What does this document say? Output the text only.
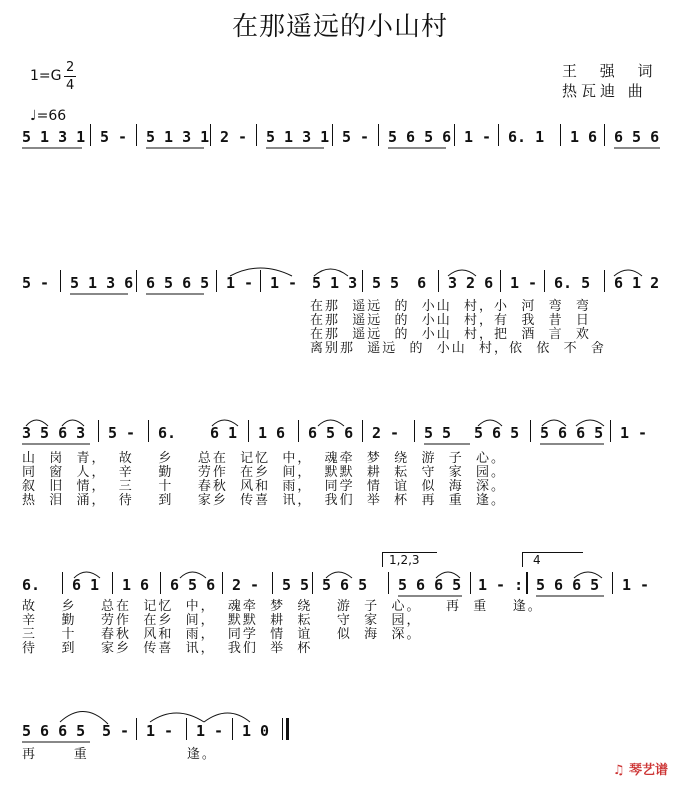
在那遥远的小山村
1=G
2
4
♩=66
王 强 词
热瓦迪 曲
5 1 3 1 5 - 5 1 3 1 2 - 5 1 3 1 5 - 5 6 5 6 1 - 6. 1 1 6 6 5 6
5 - 5 1 3 6 6 5 6 5 1 - 1 - 5 1 3 5 5  6 3 2 6 1 - 6. 5 6 1 2
在那  遥远  的  小山  村，小  河  弯  弯
在那  遥远  的  小山  村，有  我  昔  日
在那  遥远  的  小山  村，把  酒  言  欢
离别那  遥远  的  小山  村，依  依  不  舍
3 5 6 3 5 - 6. 6 1 1 6 6 5 6 2 - 5 5 5 6 5 5 6 6 5 1 -
山  岗  青，  故    乡    总在  记忆  中，  魂牵  梦  绕  游  子  心。
同  窗  人，  辛    勤    劳作  在乡  间，  默默  耕  耘  守  家  园。
叙  旧  情，  三    十    春秋  风和  雨，  同学  情  谊  似  海  深。
热  泪  涌，  待    到    家乡  传喜  讯，  我们  举  杯  再  重  逢。
1,2,3	4
6. 6 1 1 6 6 5 6 2 - 5 5 5 6 5 5 6 6 5 1 - : 5 6 6 5 1 -
故    乡    总在  记忆  中，  魂牵  梦  绕    游  子  心。    再  重    逢。
辛    勤    劳作  在乡  间，  默默  耕  耘    守  家  园，
三    十    春秋  风和  雨，  同学  情  谊    似  海  深。
待    到    家乡  传喜  讯，  我们  举  杯
5 6 6 5 5 - 1 - 1 - 1 0
再      重                逢。
♫ 琴艺谱
